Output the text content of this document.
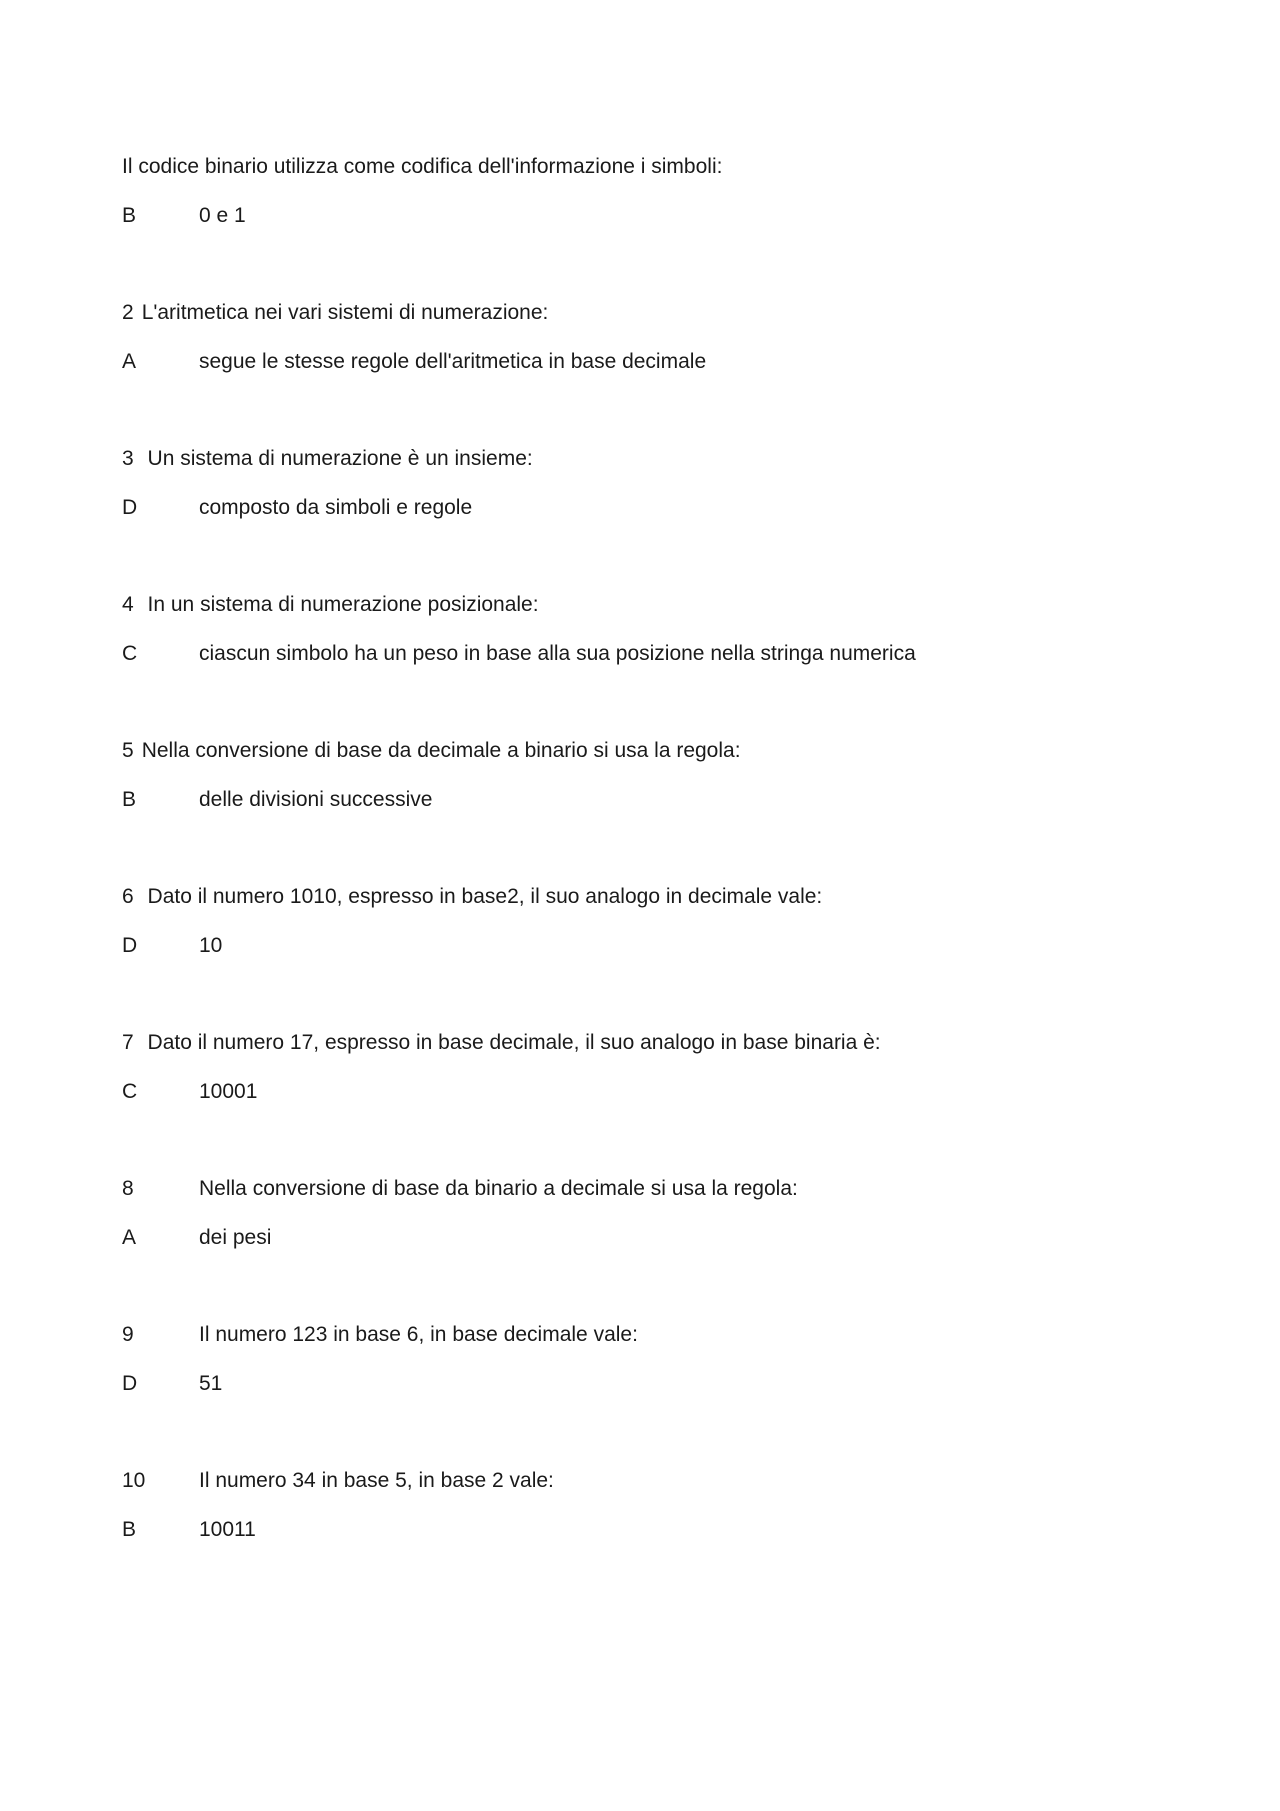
Il codice binario utilizza come codifica dell'informazione i simboli:
B	0 e 1
2 L'aritmetica nei vari sistemi di numerazione:
A	segue le stesse regole dell'aritmetica in base decimale
3 Un sistema di numerazione è un insieme:
D	composto da simboli e regole
4 In un sistema di numerazione posizionale:
C	ciascun simbolo ha un peso in base alla sua posizione nella stringa numerica
5 Nella conversione di base da decimale a binario si usa la regola:
B	delle divisioni successive
6 Dato il numero 1010, espresso in base2, il suo analogo in decimale vale:
D	10
7 Dato il numero 17, espresso in base decimale, il suo analogo in base binaria è:
C	10001
8	Nella conversione di base da binario a decimale si usa la regola:
A	dei pesi
9	Il numero 123 in base 6, in base decimale vale:
D	51
10	Il numero 34 in base 5, in base 2 vale:
B	10011
